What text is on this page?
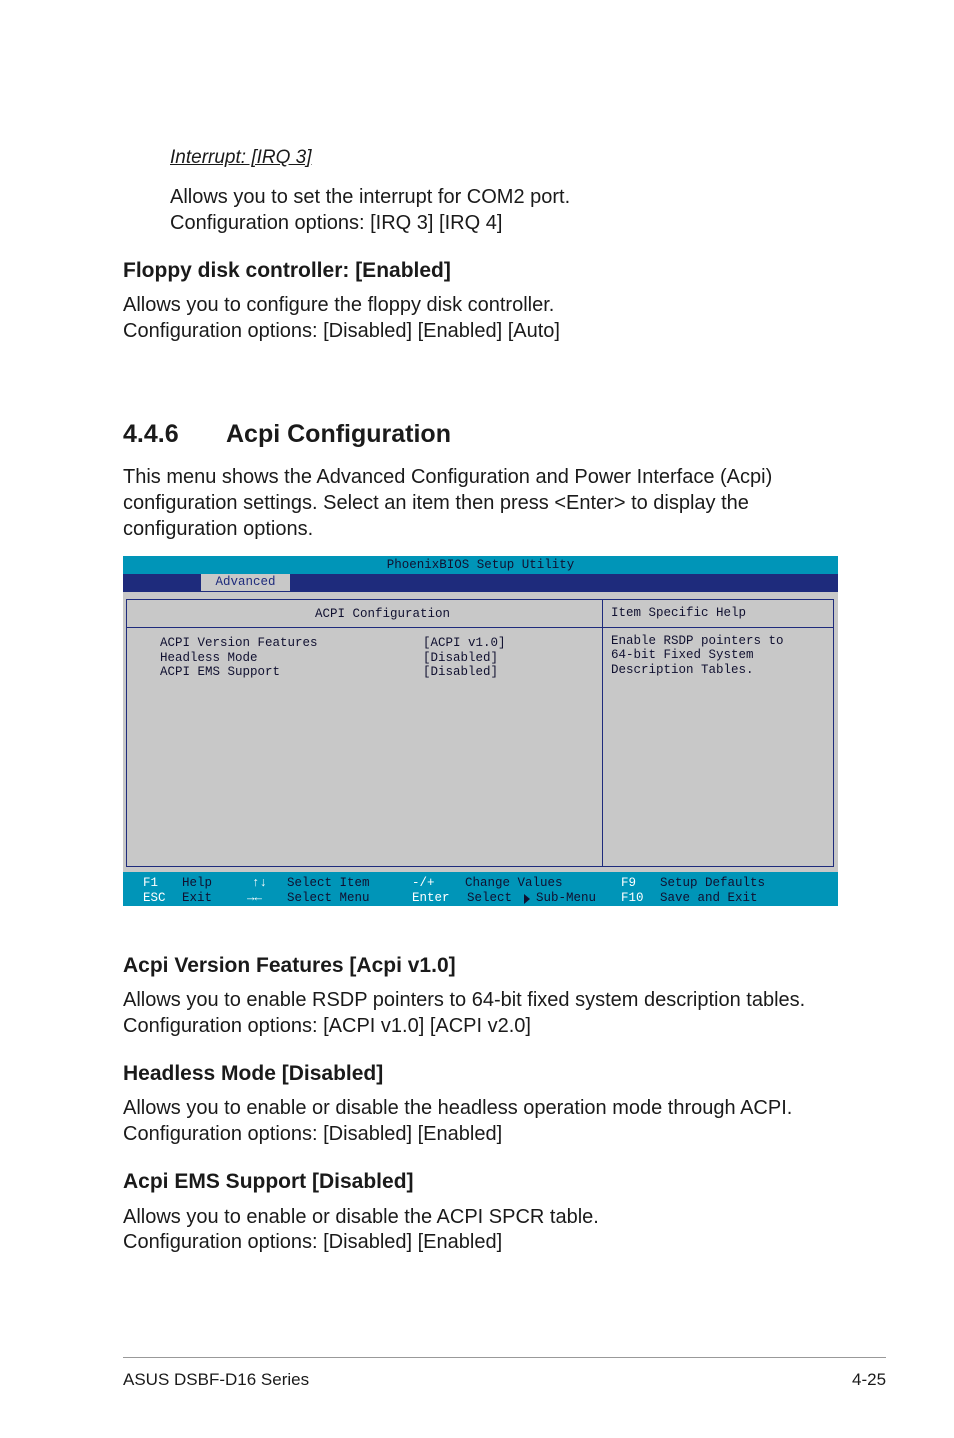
Interrupt: [IRQ 3]
Allows you to set the interrupt for COM2 port.
Configuration options: [IRQ 3] [IRQ 4]
Floppy disk controller: [Enabled]
Allows you to configure the floppy disk controller.
Configuration options: [Disabled] [Enabled] [Auto]
4.4.6 Acpi Configuration
This menu shows the Advanced Configuration and Power Interface (Acpi)
configuration settings. Select an item then press <Enter> to display the
configuration options.
PhoenixBIOS Setup Utility
Advanced
ACPI Configuration	Item Specific Help
ACPI Version Features	[ACPI v1.0]
Headless Mode	[Disabled]
ACPI EMS Support	[Disabled]
Enable RSDP pointers to
64-bit Fixed System
Description Tables.
F1 Help
ESC Exit
↑↓ Select Item
→← Select Menu
-/+ Change Values
Enter Select Sub-Menu
F9 Setup Defaults
F10 Save and Exit
Acpi Version Features [Acpi v1.0]
Allows you to enable RSDP pointers to 64-bit fixed system description tables.
Configuration options: [ACPI v1.0] [ACPI v2.0]
Headless Mode [Disabled]
Allows you to enable or disable the headless operation mode through ACPI.
Configuration options: [Disabled] [Enabled]
Acpi EMS Support [Disabled]
Allows you to enable or disable the ACPI SPCR table.
Configuration options: [Disabled] [Enabled]
ASUS DSBF-D16 Series	4-25
